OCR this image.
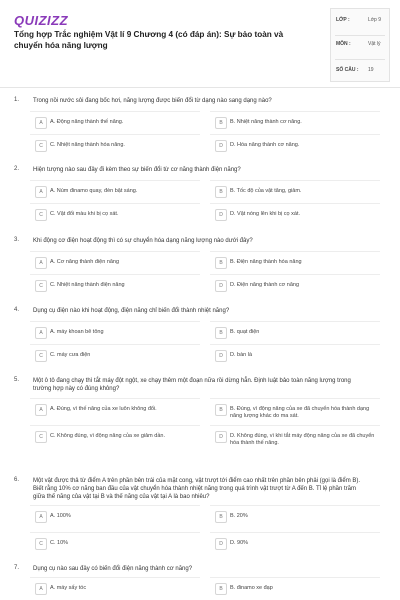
QUIZIZZ
Tổng hợp Trắc nghiệm Vật lí 9 Chương 4 (có đáp án): Sự bảo toàn và chuyển hóa năng lượng
LỚP :	Lớp 9
MÔN :	Vật lý
SỐ CÂU : 19
1. Trong nồi nước sôi đang bốc hơi, năng lượng được biến đổi từ dạng nào sang dạng nào?
A	A. Động năng thành thế năng.	B	B. Nhiệt năng thành cơ năng.
C	C. Nhiệt năng thành hóa năng.	D	D. Hóa năng thành cơ năng.
2. Hiện tượng nào sau đây đi kèm theo sự biến đổi từ cơ năng thành điện năng?
A	A. Núm đinamo quay, đèn bật sáng.	B	B. Tốc độ của vật tăng, giảm.
C	C. Vật đổi màu khi bị cọ xát.	D	D. Vật nóng lên khi bị cọ xát.
3. Khi động cơ điện hoạt động thì có sự chuyển hóa dạng năng lượng nào dưới đây?
A	A. Cơ năng thành điện năng	B	B. Điện năng thành hóa năng
C	C. Nhiệt năng thành điện năng	D	D. Điện năng thành cơ năng
4. Dụng cụ điện nào khi hoạt động, điện năng chỉ biến đổi thành nhiệt năng?
A	A. máy khoan bê tông	B	B. quạt điện
C	C. máy cưa điện	D	D. bàn là
5. Một ô tô đang chạy thì tắt máy đột ngột, xe chạy thêm một đoạn nữa rồi dừng hẳn. Định luật bảo toàn năng lượng trong trường hợp này có đúng không?
A	A. Đúng, vì thế năng của xe luôn không đổi.	B	B. Đúng, vì động năng của xe đã chuyển hóa thành dạng năng lượng khác do ma sát.
C	C. Không đúng, vì động năng của xe giảm dần.	D	D. Không đúng, vì khi tắt máy động năng của xe đã chuyển hóa thành thế năng.
6. Một vật được thả từ điểm A trên phần bên trái của mặt cong, vật trượt tới điểm cao nhất trên phần bên phải (gọi là điểm B). Biết rằng 10% cơ năng ban đầu của vật chuyển hóa thành nhiệt năng trong quá trình vật trượt từ A đến B. Tỉ lệ phần trăm giữa thế năng của vật tại B và thế năng của vật tại A là bao nhiêu?
A	A. 100%	B	B. 20%
C	C. 10%	D	D. 90%
7. Dụng cụ nào sau đây có biến đổi điện năng thành cơ năng?
A	A. máy sấy tóc	B	B. đinamo xe đạp
